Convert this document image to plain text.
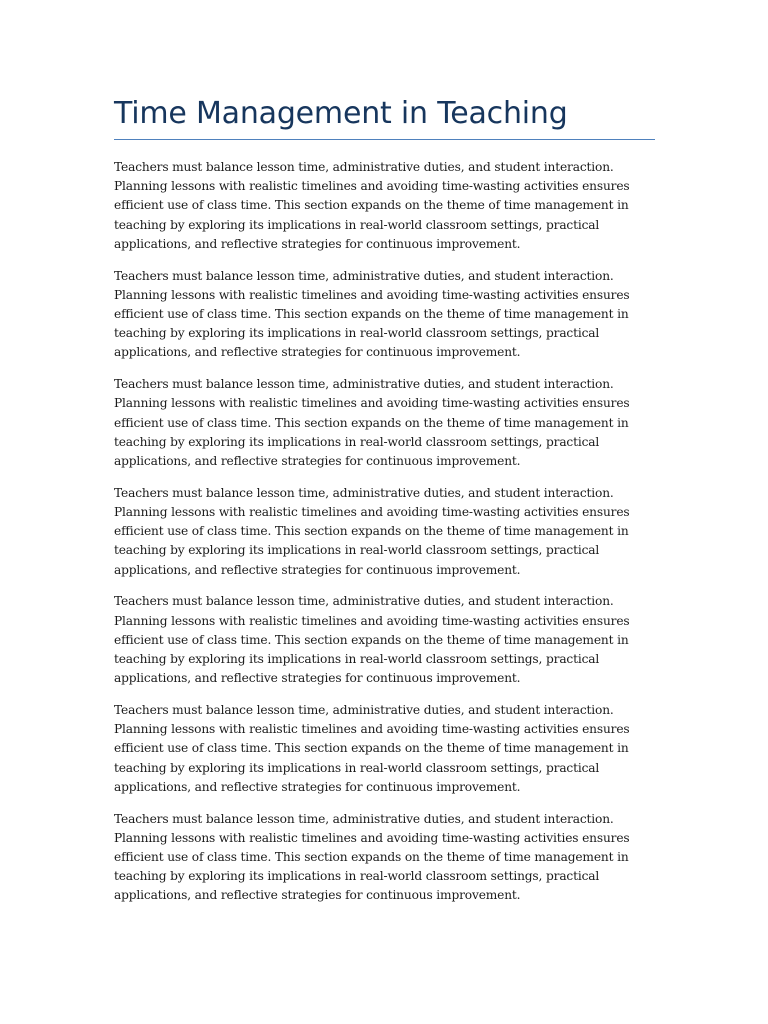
Time Management in Teaching

Teachers must balance lesson time, administrative duties, and student interaction. Planning lessons with realistic timelines and avoiding time-wasting activities ensures efficient use of class time. This section expands on the theme of time management in teaching by exploring its implications in real-world classroom settings, practical applications, and reflective strategies for continuous improvement.

Teachers must balance lesson time, administrative duties, and student interaction. Planning lessons with realistic timelines and avoiding time-wasting activities ensures efficient use of class time. This section expands on the theme of time management in teaching by exploring its implications in real-world classroom settings, practical applications, and reflective strategies for continuous improvement.

Teachers must balance lesson time, administrative duties, and student interaction. Planning lessons with realistic timelines and avoiding time-wasting activities ensures efficient use of class time. This section expands on the theme of time management in teaching by exploring its implications in real-world classroom settings, practical applications, and reflective strategies for continuous improvement.

Teachers must balance lesson time, administrative duties, and student interaction. Planning lessons with realistic timelines and avoiding time-wasting activities ensures efficient use of class time. This section expands on the theme of time management in teaching by exploring its implications in real-world classroom settings, practical applications, and reflective strategies for continuous improvement.

Teachers must balance lesson time, administrative duties, and student interaction. Planning lessons with realistic timelines and avoiding time-wasting activities ensures efficient use of class time. This section expands on the theme of time management in teaching by exploring its implications in real-world classroom settings, practical applications, and reflective strategies for continuous improvement.

Teachers must balance lesson time, administrative duties, and student interaction. Planning lessons with realistic timelines and avoiding time-wasting activities ensures efficient use of class time. This section expands on the theme of time management in teaching by exploring its implications in real-world classroom settings, practical applications, and reflective strategies for continuous improvement.

Teachers must balance lesson time, administrative duties, and student interaction. Planning lessons with realistic timelines and avoiding time-wasting activities ensures efficient use of class time. This section expands on the theme of time management in teaching by exploring its implications in real-world classroom settings, practical applications, and reflective strategies for continuous improvement.
